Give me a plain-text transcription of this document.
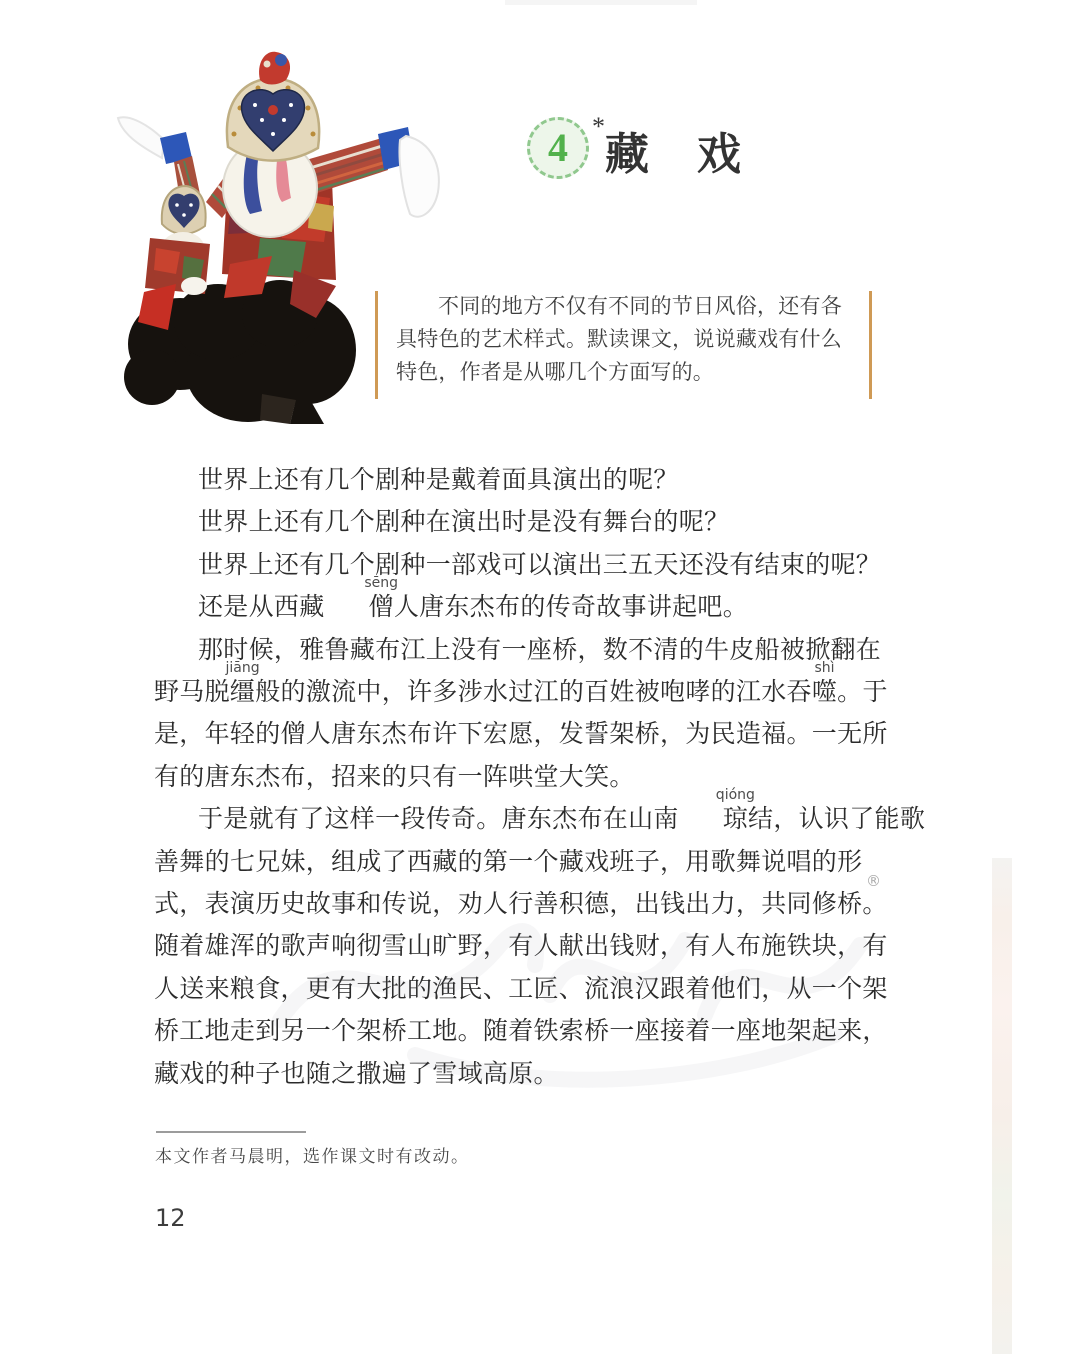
4 *
藏　戏
不同的地方不仅有不同的节日风俗，还有各具特色的艺术样式。默读课文，说说藏戏有什么特色，作者是从哪几个方面写的。
世界上还有几个剧种是戴着面具演出的呢？
世界上还有几个剧种在演出时是没有舞台的呢？
世界上还有几个剧种一部戏可以演出三五天还没有结束的呢？
还是从西藏 僧
sēng
人唐东杰布的传奇故事讲起吧。
那时候，雅鲁藏布江上没有一座桥，数不清的牛皮船被掀翻在
野马脱缰
jiāng
般的激流中，许多涉水过江的百姓被咆哮的江水吞噬
shì
。于
是，年轻的僧人唐东杰布许下宏愿，发誓架桥，为民造福。一无所
有的唐东杰布，招来的只有一阵哄堂大笑。
于是就有了这样一段传奇。唐东杰布在山南 琼
qióng
结，认识了能歌
善舞的七兄妹，组成了西藏的第一个藏戏班子，用歌舞说唱的形
式，表演历史故事和传说，劝人行善积德，出钱出力，共同修桥。
随着雄浑的歌声响彻雪山旷野，有人献出钱财，有人布施铁块，有
人送来粮食，更有大批的渔民、工匠、流浪汉跟着他们，从一个架
桥工地走到另一个架桥工地。随着铁索桥一座接着一座地架起来，
藏戏的种子也随之撒遍了雪域高原。
®
本文作者马晨明，选作课文时有改动。
12
